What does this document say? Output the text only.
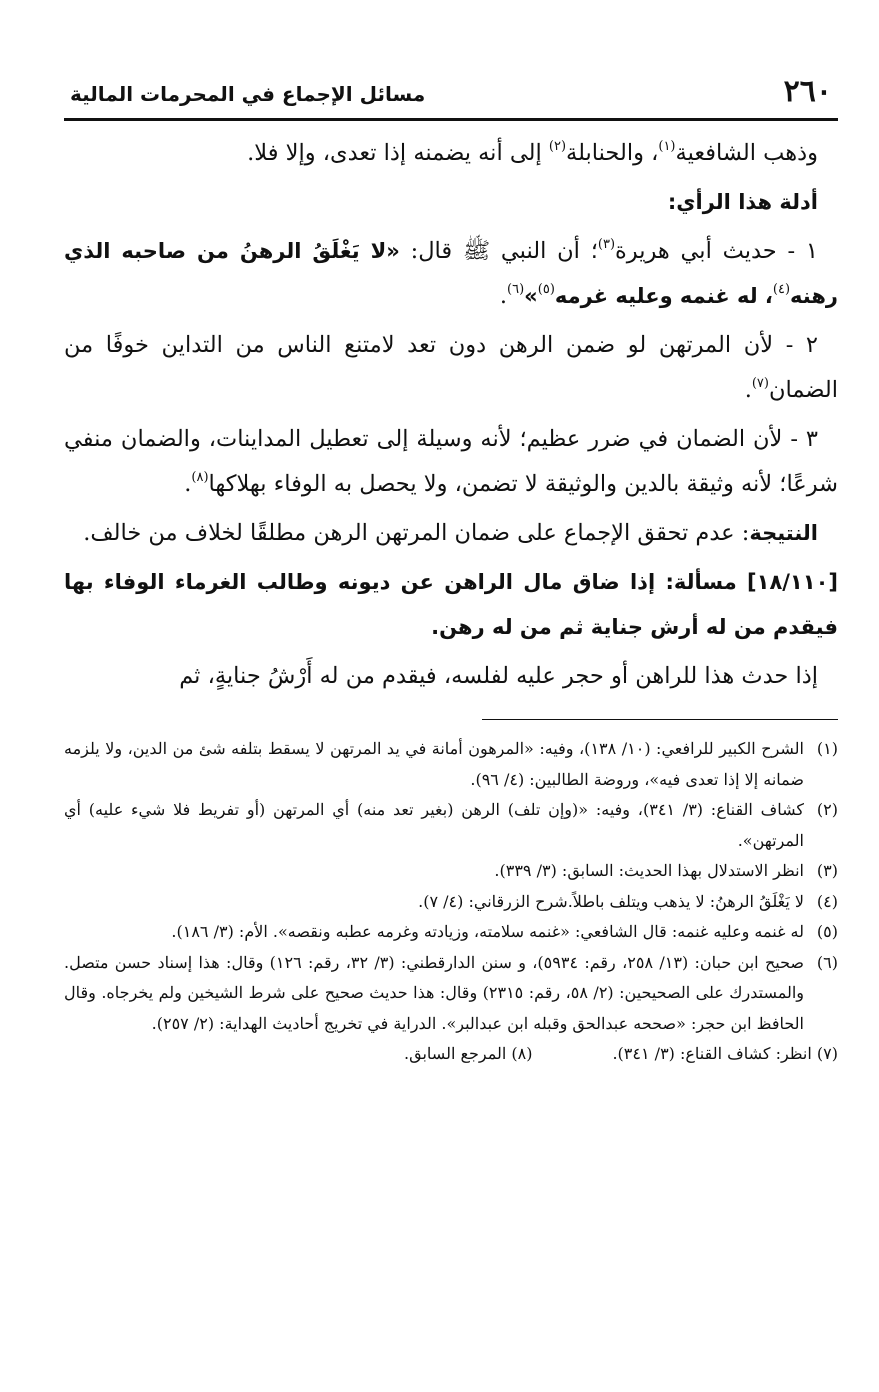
٢٦٠
مسائل الإجماع في المحرمات المالية

وذهب الشافعية$^{(١)}$، والحنابلة$^{(٢)}$ إلى أنه يضمنه إذا تعدى، وإلا فلا.

أدلة هذا الرأي:

١ - حديث أبي هريرة$^{(٣)}$؛ أن النبي ﷺ قال: «لا يَغْلَقُ الرهنُ من صاحبه الذي رهنه$^{(٤)}$، له غنمه وعليه غرمه$^{(٥)}$»$^{(٦)}$.

٢ - لأن المرتهن لو ضمن الرهن دون تعد لامتنع الناس من التداين خوفًا من الضمان$^{(٧)}$.

٣ - لأن الضمان في ضرر عظيم؛ لأنه وسيلة إلى تعطيل المداينات، والضمان منفي شرعًا؛ لأنه وثيقة بالدين والوثيقة لا تضمن، ولا يحصل به الوفاء بهلاكها$^{(٨)}$.

النتيجة: عدم تحقق الإجماع على ضمان المرتهن الرهن مطلقًا لخلاف من خالف.

[١٨/١١٠] مسألة: إذا ضاق مال الراهن عن ديونه وطالب الغرماء الوفاء بها فيقدم من له أرش جناية ثم من له رهن.

إذا حدث هذا للراهن أو حجر عليه لفلسه، فيقدم من له أَرْشُ جنايةٍ، ثم

(١)
الشرح الكبير للرافعي: (١٠/ ١٣٨)، وفيه: «المرهون أمانة في يد المرتهن لا يسقط بتلفه شئ من الدين، ولا يلزمه ضمانه إلا إذا تعدى فيه»، وروضة الطالبين: (٤/ ٩٦).
(٢)
كشاف القناع: (٣/ ٣٤١)، وفيه: «(وإن تلف) الرهن (بغير تعد منه) أي المرتهن (أو تفريط فلا شيء عليه) أي المرتهن».
(٣)
انظر الاستدلال بهذا الحديث: السابق: (٣/ ٣٣٩).
(٤)
لا يَغْلَقُ الرهنُ: لا يذهب ويتلف باطلاً.شرح الزرقاني: (٤/ ٧).
(٥)
له غنمه وعليه غنمه: قال الشافعي: «غنمه سلامته، وزيادته وغرمه عطبه ونقصه». الأم: (٣/ ١٨٦).
(٦)
صحيح ابن حبان: (١٣/ ٢٥٨، رقم: ٥٩٣٤)، و سنن الدارقطني: (٣/ ٣٢، رقم: ١٢٦) وقال: هذا إسناد حسن متصل. والمستدرك على الصحيحين: (٢/ ٥٨، رقم: ٢٣١٥) وقال: هذا حديث صحيح على شرط الشيخين ولم يخرجاه. وقال الحافظ ابن حجر: «صححه عبدالحق وقبله ابن عبدالبر». الدراية في تخريج أحاديث الهداية: (٢/ ٢٥٧).
(٧) انظر: كشاف القناع: (٣/ ٣٤١).
(٨) المرجع السابق.
